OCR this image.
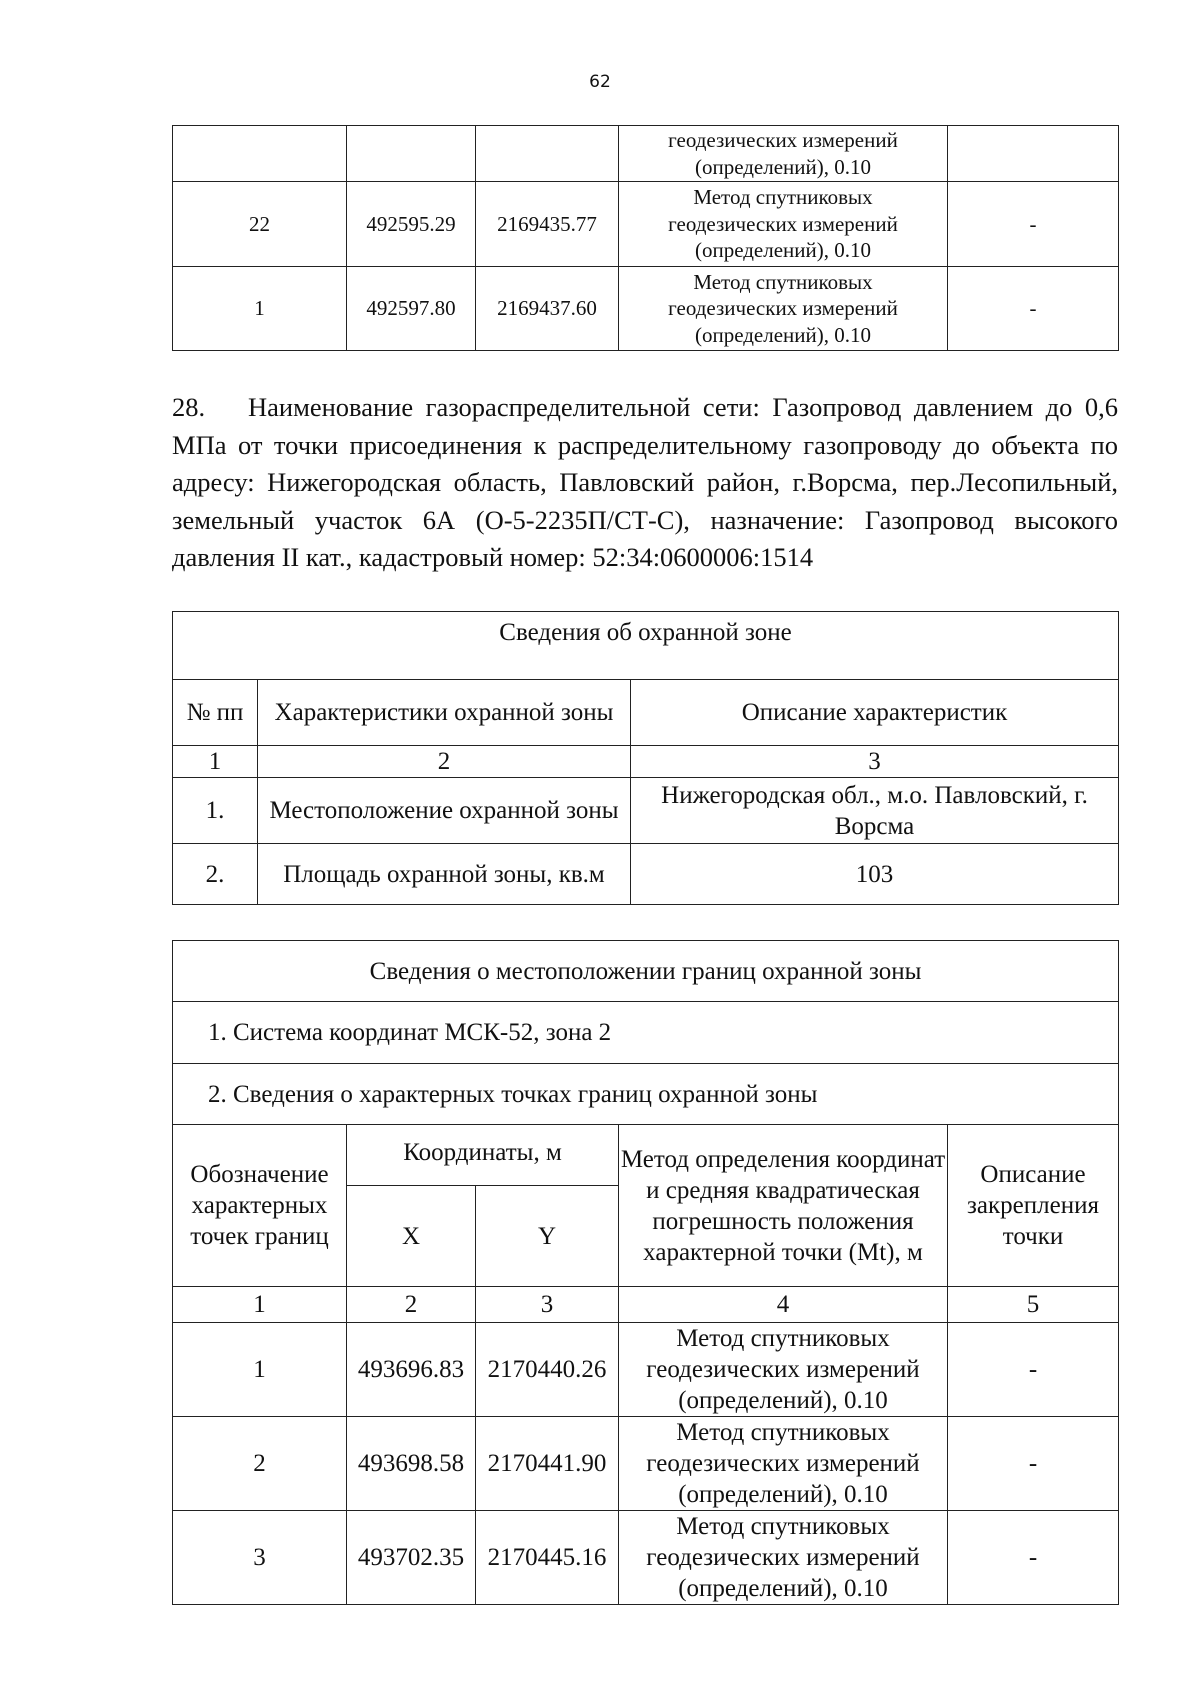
62

			геодезических измерений
(определений), 0.10	

22	492595.29	2169435.77	Метод спутниковых
геодезических измерений
(определений), 0.10	-
1	492597.80	2169437.60	Метод спутниковых
геодезических измерений
(определений), 0.10	-
28. Наименование газораспределительной сети: Газопровод давлением до 0,6 МПа от точки присоединения к распределительному газопроводу до объекта по адресу: Нижегородская область, Павловский район, г.Ворсма, пер.Лесопильный, земельный участок 6А (О-5-2235П/СТ-С), назначение: Газопровод высокого давления II кат., кадастровый номер: 52:34:0600006:1514
Сведения об охранной зоне		
№ пп	Характеристики охранной зоны	Описание характеристик
1	2	3
1.	Местоположение охранной зоны	Нижегородская обл., м.о. Павловский, г. Ворсма
2.	Площадь охранной зоны, кв.м	103
Сведения о местоположении границ охранной зоны				
1. Система координат МСК-52, зона 2				
2. Сведения о характерных точках границ охранной зоны				
Обозначение характерных точек границ	Координаты, м		Метод определения координат и средняя квадратическая погрешность положения характерной точки (Mt), м	Описание закрепления точки
	X	Y		
1	2	3	4	5
1	493696.83	2170440.26	Метод спутниковых
геодезических измерений
(определений), 0.10	-
2	493698.58	2170441.90	Метод спутниковых
геодезических измерений
(определений), 0.10	-
3	493702.35	2170445.16	Метод спутниковых
геодезических измерений
(определений), 0.10	-
